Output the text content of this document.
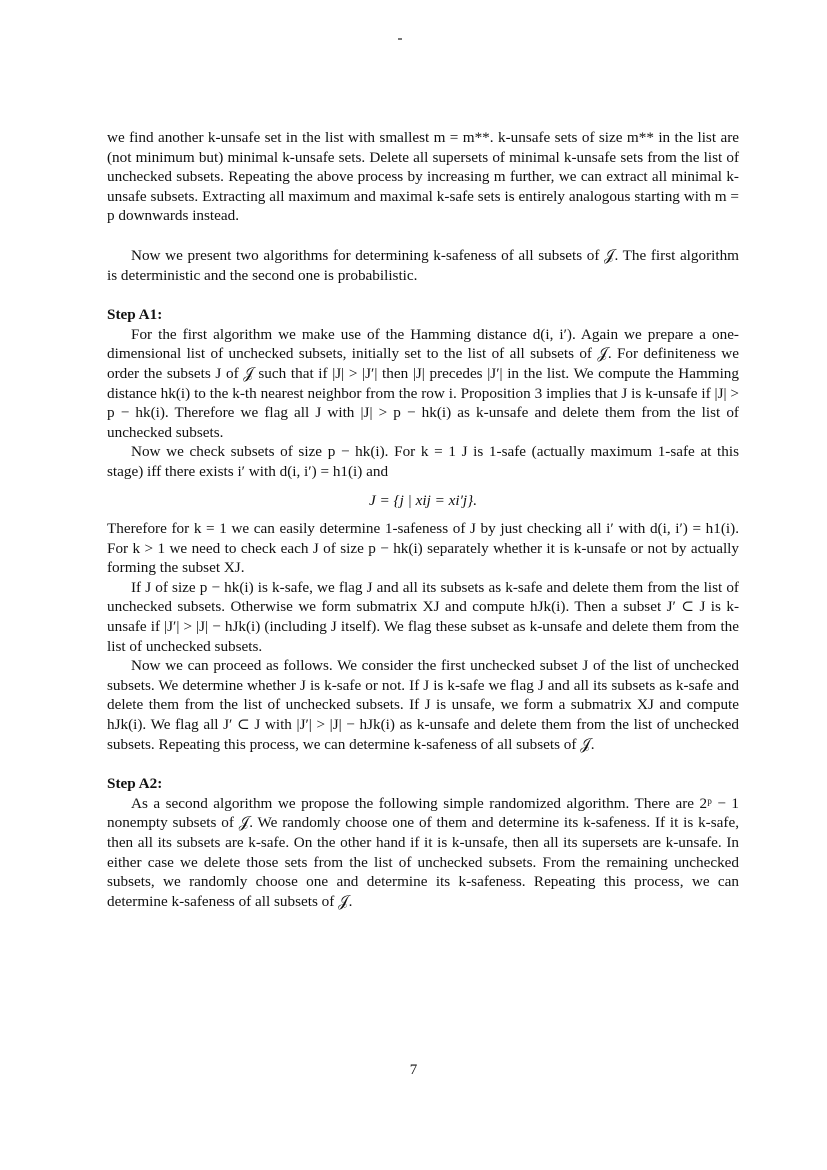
we find another k-unsafe set in the list with smallest m = m**. k-unsafe sets of size m** in the list are (not minimum but) minimal k-unsafe sets. Delete all supersets of minimal k-unsafe sets from the list of unchecked subsets. Repeating the above process by increasing m further, we can extract all minimal k-unsafe subsets. Extracting all maximum and maximal k-safe sets is entirely analogous starting with m = p downwards instead.

Now we present two algorithms for determining k-safeness of all subsets of 𝒥. The first algorithm is deterministic and the second one is probabilistic.

Step A1:

For the first algorithm we make use of the Hamming distance d(i, i′). Again we prepare a one-dimensional list of unchecked subsets, initially set to the list of all subsets of 𝒥. For definiteness we order the subsets J of 𝒥 such that if |J| > |J′| then |J| precedes |J′| in the list. We compute the Hamming distance hk(i) to the k-th nearest neighbor from the row i. Proposition 3 implies that J is k-unsafe if |J| > p − hk(i). Therefore we flag all J with |J| > p − hk(i) as k-unsafe and delete them from the list of unchecked subsets.

Now we check subsets of size p − hk(i). For k = 1 J is 1-safe (actually maximum 1-safe at this stage) iff there exists i′ with d(i, i′) = h1(i) and

J = {j | xij = xi′j}.

Therefore for k = 1 we can easily determine 1-safeness of J by just checking all i′ with d(i, i′) = h1(i). For k > 1 we need to check each J of size p − hk(i) separately whether it is k-unsafe or not by actually forming the subset XJ.

If J of size p − hk(i) is k-safe, we flag J and all its subsets as k-safe and delete them from the list of unchecked subsets. Otherwise we form submatrix XJ and compute hJk(i). Then a subset J′ ⊂ J is k-unsafe if |J′| > |J| − hJk(i) (including J itself). We flag these subset as k-unsafe and delete them from the list of unchecked subsets.

Now we can proceed as follows. We consider the first unchecked subset J of the list of unchecked subsets. We determine whether J is k-safe or not. If J is k-safe we flag J and all its subsets as k-safe and delete them from the list of unchecked subsets. If J is unsafe, we form a submatrix XJ and compute hJk(i). We flag all J′ ⊂ J with |J′| > |J| − hJk(i) as k-unsafe and delete them from the list of unchecked subsets. Repeating this process, we can determine k-safeness of all subsets of 𝒥.

Step A2:

As a second algorithm we propose the following simple randomized algorithm. There are 2ᵖ − 1 nonempty subsets of 𝒥. We randomly choose one of them and determine its k-safeness. If it is k-safe, then all its subsets are k-safe. On the other hand if it is k-unsafe, then all its supersets are k-unsafe. In either case we delete those sets from the list of unchecked subsets. From the remaining unchecked subsets, we randomly choose one and determine its k-safeness. Repeating this process, we can determine k-safeness of all subsets of 𝒥.

7
